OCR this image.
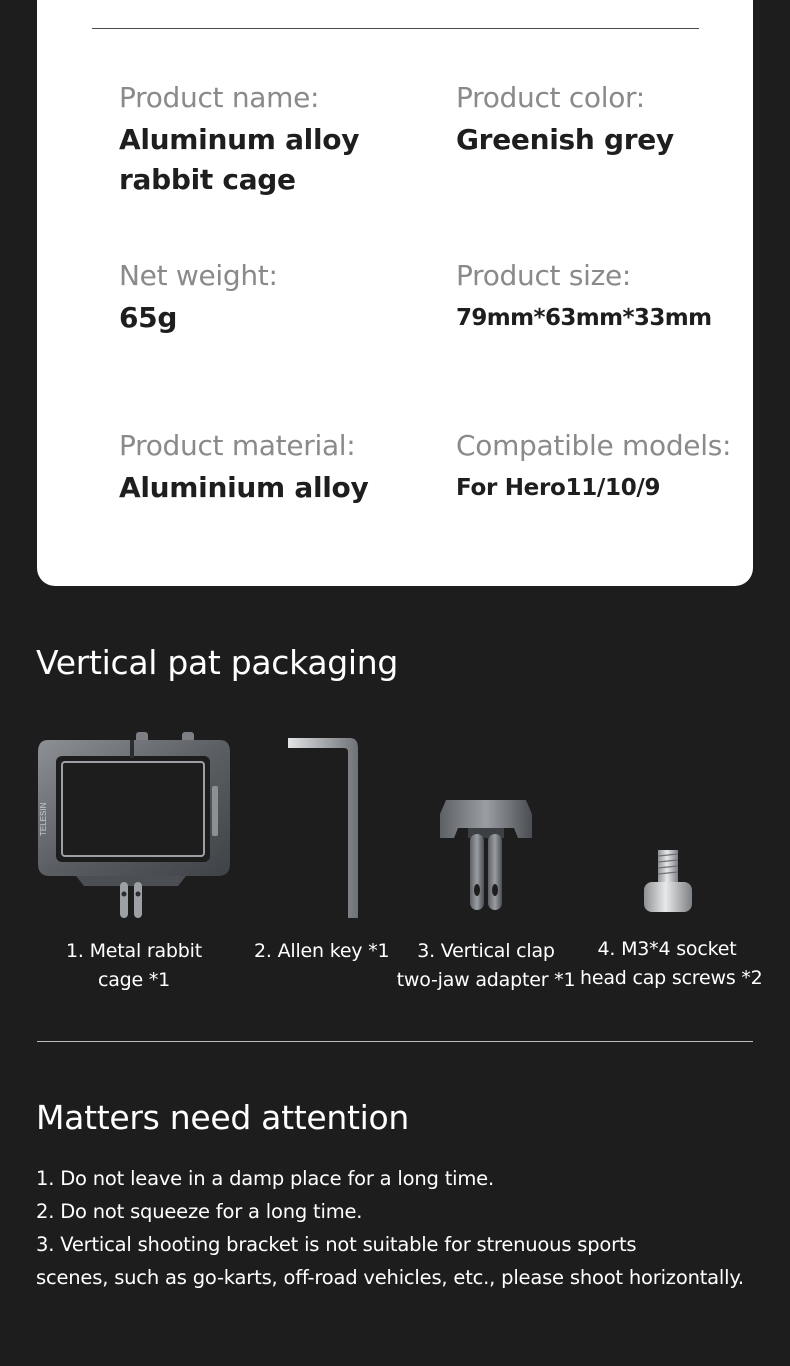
Product name:
Aluminum alloy
rabbit cage
Product color:
Greenish grey
Net weight:
65g
Product size:
79mm*63mm*33mm
Product material:
Aluminium alloy
Compatible models:
For Hero11/10/9
Vertical pat packaging
TELESIN
1. Metal rabbit
cage *1
2. Allen key *1	3. Vertical clap
two-jaw adapter *1
4. M3*4 socket
head cap screws *2
Matters need attention
1. Do not leave in a damp place for a long time.
2. Do not squeeze for a long time.
3. Vertical shooting bracket is not suitable for strenuous sports
scenes, such as go-karts, off-road vehicles, etc., please shoot horizontally.
